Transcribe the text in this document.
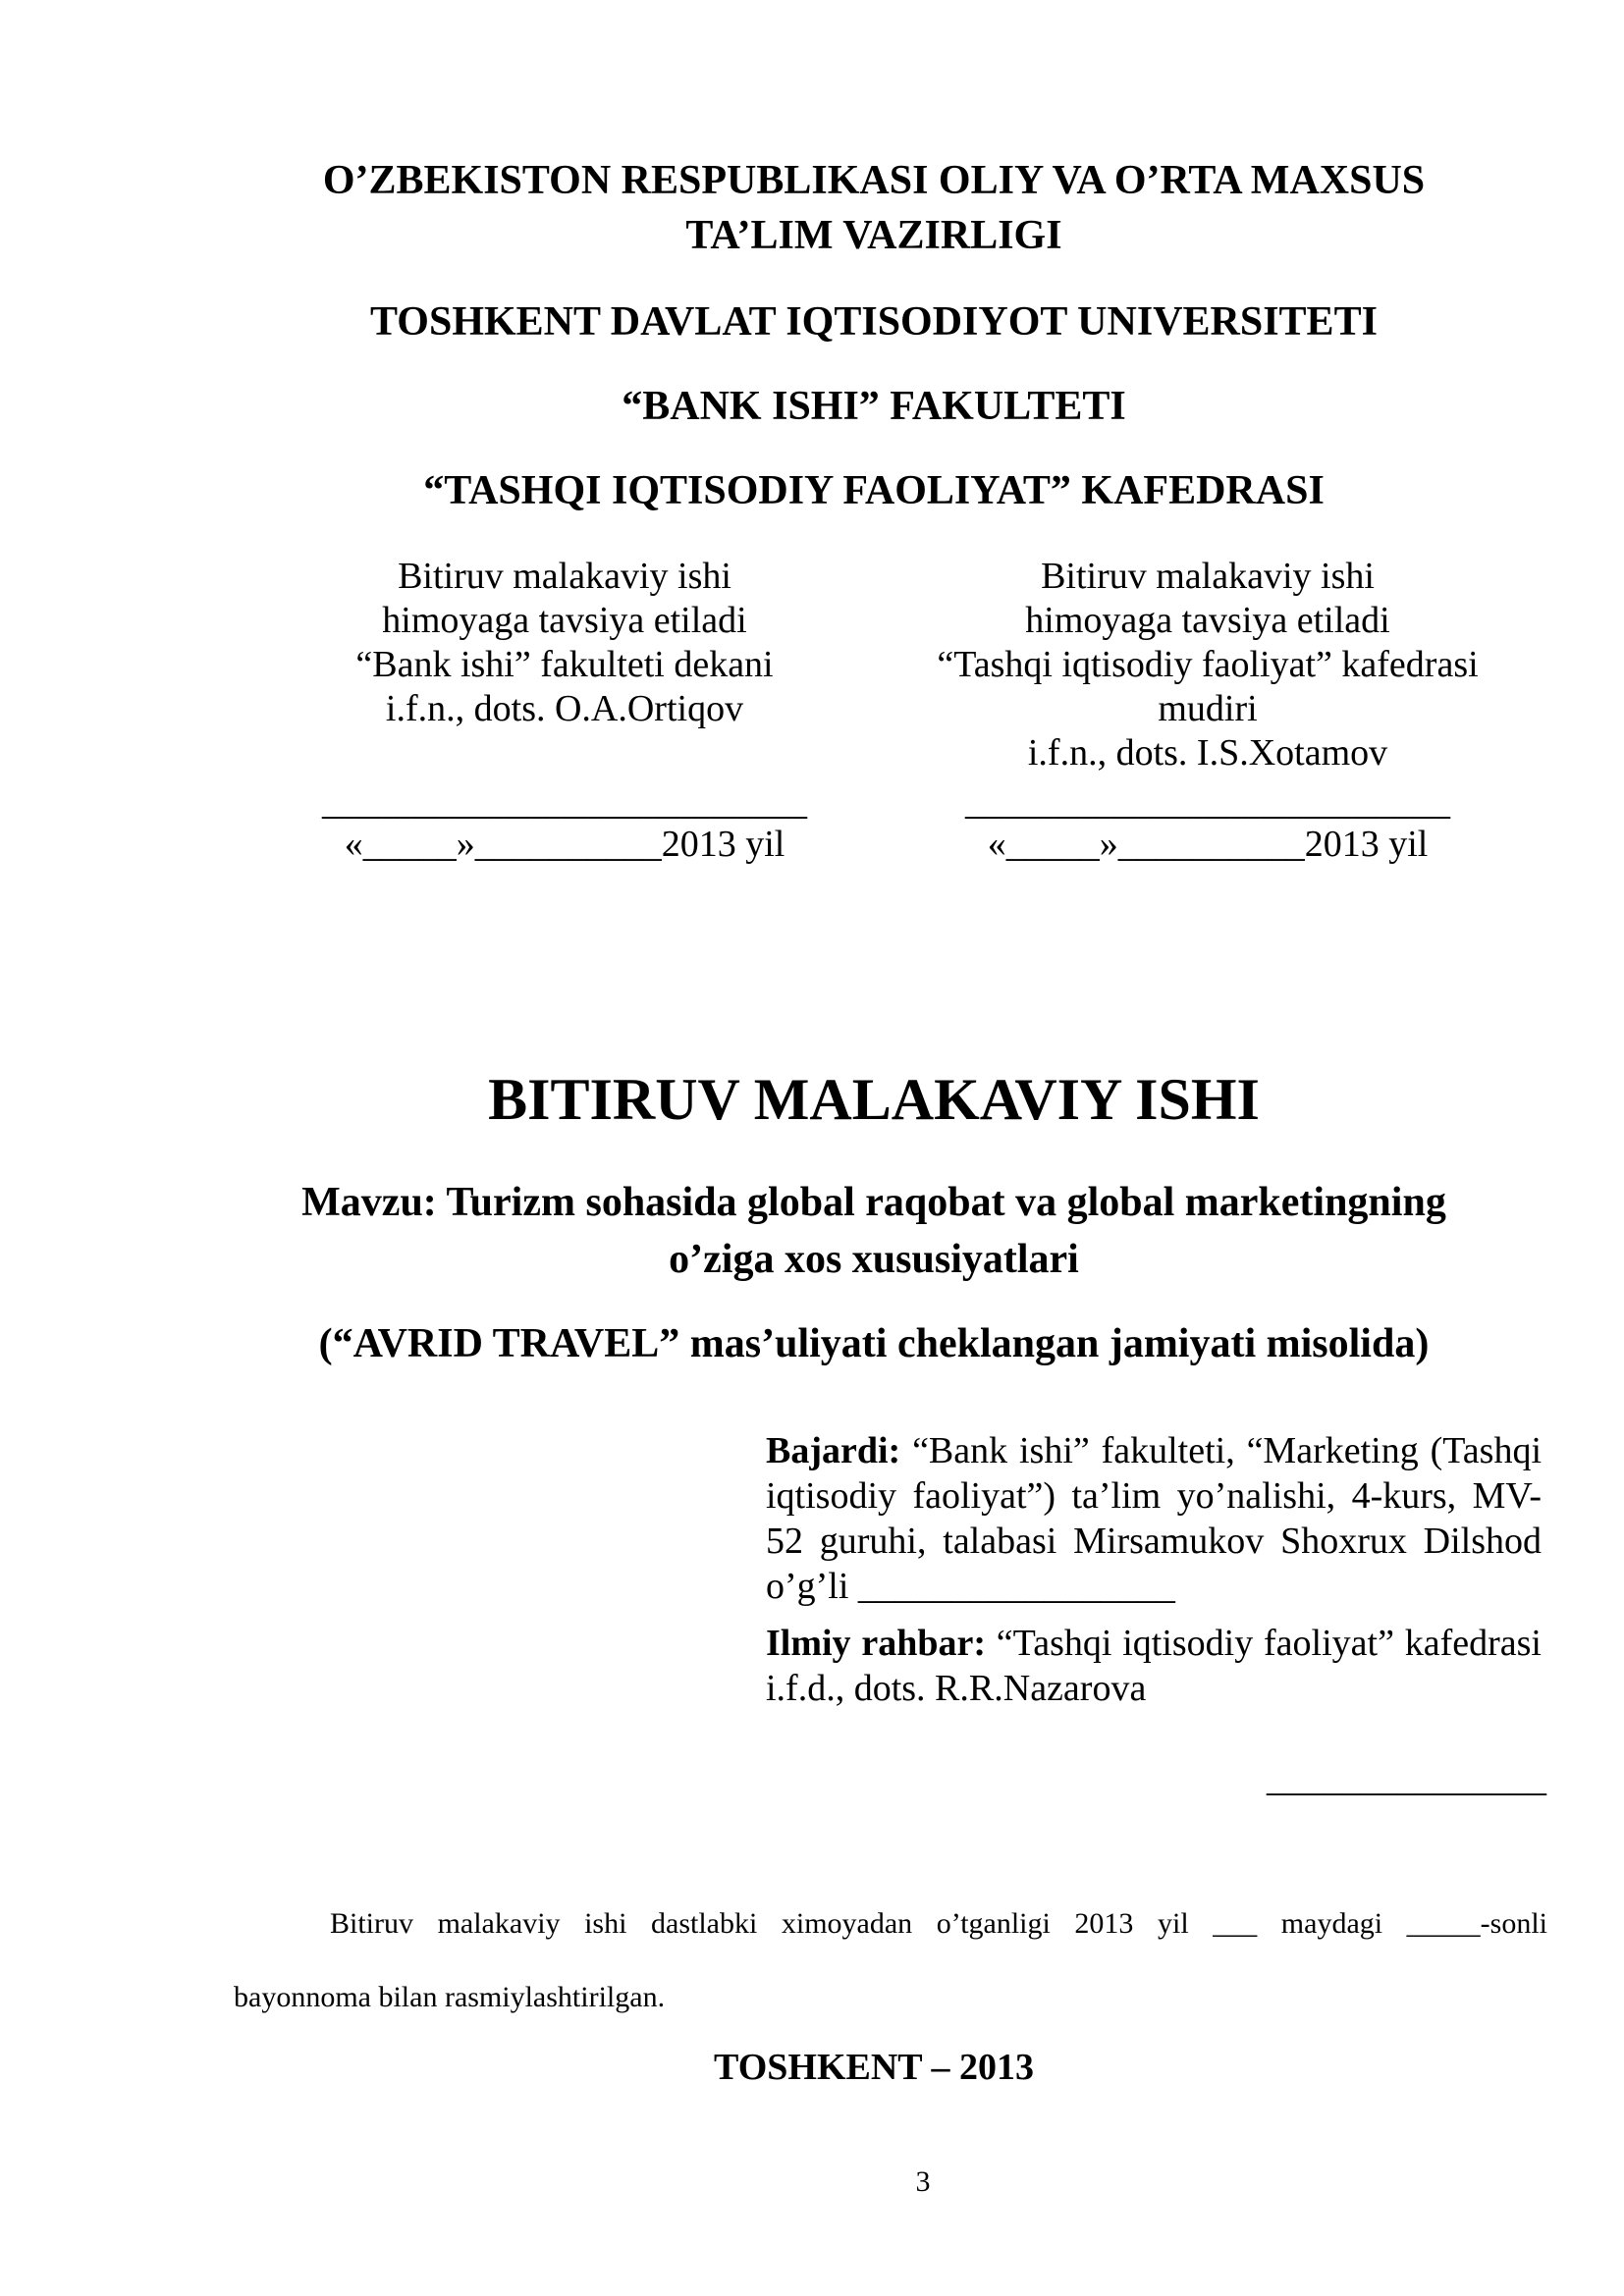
O’ZBEKISTON RESPUBLIKASI OLIY VA O’RTA MAXSUS
TA’LIM VAZIRLIGI
TOSHKENT DAVLAT IQTISODIYOT UNIVERSITETI
“BANK ISHI” FAKULTETI
“TASHQI IQTISODIY FAOLIYAT” KAFEDRASI
Bitiruv malakaviy ishi
himoyaga tavsiya etiladi
“Bank ishi” fakulteti dekani
i.f.n., dots. O.A.Ortiqov
__________________________
«_____»__________2013 yil
Bitiruv malakaviy ishi
himoyaga tavsiya etiladi
“Tashqi iqtisodiy faoliyat” kafedrasi
mudiri
i.f.n., dots. I.S.Xotamov
__________________________
«_____»__________2013 yil
BITIRUV MALAKAVIY ISHI
Mavzu: Turizm sohasida global raqobat va global marketingning
o’ziga xos xususiyatlari
(“AVRID TRAVEL” mas’uliyati cheklangan jamiyati misolida)
Bajardi: “Bank ishi” fakulteti, “Marketing (Tashqi iqtisodiy faoliyat”) ta’lim yo’nalishi, 4-kurs, MV-52 guruhi, talabasi Mirsamukov Shoxrux Dilshod o’g’li _________________
Ilmiy rahbar: “Tashqi iqtisodiy faoliyat” kafedrasi i.f.d., dots. R.R.Nazarova
_______________
Bitiruv malakaviy ishi dastlabki ximoyadan o’tganligi 2013 yil ___ maydagi _____-sonli
bayonnoma bilan rasmiylashtirilgan.
TOSHKENT – 2013
3
